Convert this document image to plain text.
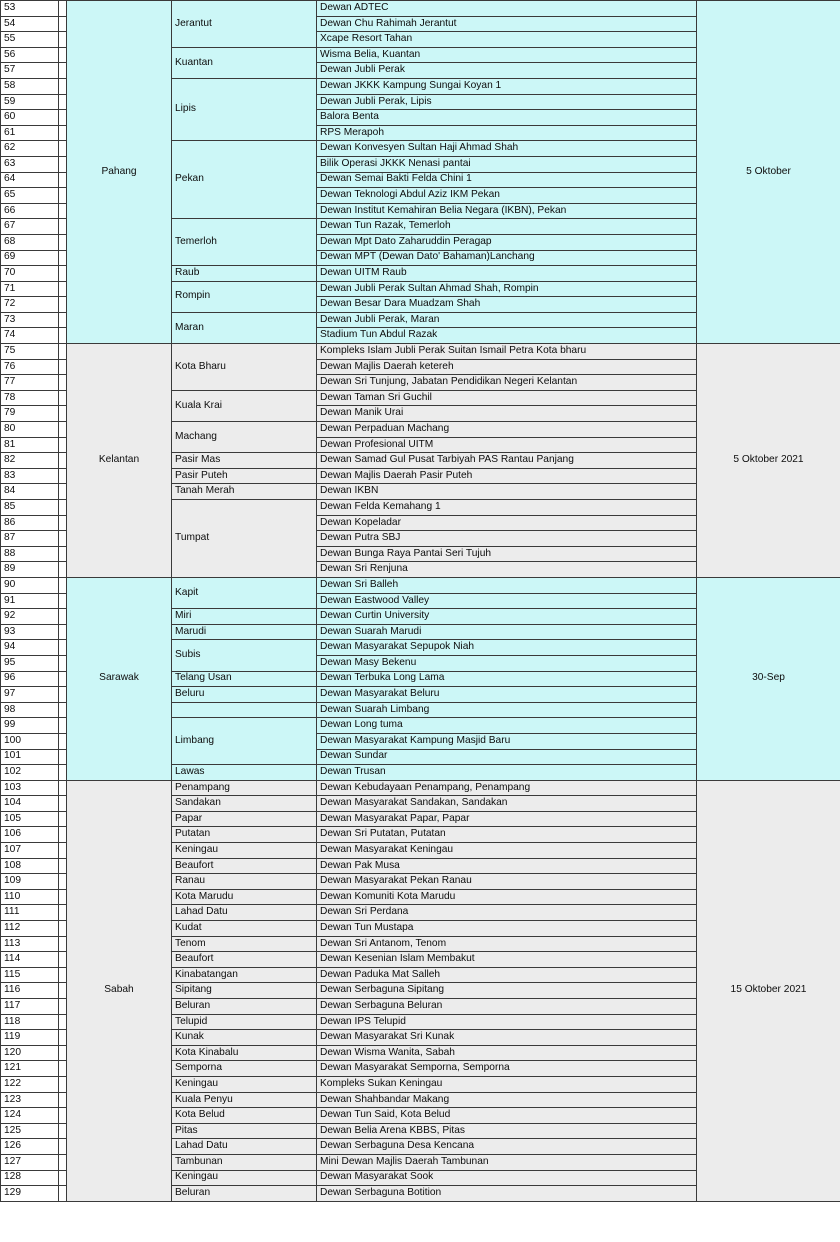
53		Pahang	Jerantut	Dewan ADTEC	5 Oktober
54				Dewan Chu Rahimah Jerantut	
55				Xcape Resort Tahan	
56			Kuantan	Wisma Belia, Kuantan	
57				Dewan Jubli Perak	
58			Lipis	Dewan JKKK Kampung Sungai Koyan 1	
59				Dewan Jubli Perak, Lipis	
60				Balora Benta	
61				RPS Merapoh	
62			Pekan	Dewan Konvesyen Sultan Haji Ahmad Shah	
63				Bilik Operasi JKKK Nenasi pantai	
64				Dewan Semai Bakti Felda Chini 1	
65				Dewan Teknologi Abdul Aziz IKM Pekan	
66				Dewan Institut Kemahiran Belia Negara (IKBN), Pekan	
67			Temerloh	Dewan Tun Razak, Temerloh	
68				Dewan Mpt Dato Zaharuddin Peragap	
69				Dewan MPT (Dewan Dato' Bahaman)Lanchang	
70			Raub	Dewan UITM Raub	
71			Rompin	Dewan Jubli Perak Sultan Ahmad Shah, Rompin	
72				Dewan Besar Dara Muadzam Shah	
73			Maran	Dewan Jubli Perak, Maran	
74				Stadium Tun Abdul Razak	
75		Kelantan	Kota Bharu	Kompleks Islam Jubli Perak Suitan Ismail Petra Kota bharu	5 Oktober 2021
76				Dewan Majlis Daerah ketereh	
77				Dewan Sri Tunjung, Jabatan Pendidikan Negeri Kelantan	
78			Kuala Krai	Dewan Taman Sri Guchil	
79				Dewan Manik Urai	
80			Machang	Dewan Perpaduan Machang	
81				Dewan Profesional UITM	
82			Pasir Mas	Dewan Samad Gul Pusat Tarbiyah PAS Rantau Panjang	
83			Pasir Puteh	Dewan Majlis Daerah Pasir Puteh	
84			Tanah Merah	Dewan IKBN	
85			Tumpat	Dewan Felda Kemahang 1	
86				Dewan Kopeladar	
87				Dewan Putra SBJ	
88				Dewan Bunga Raya Pantai Seri Tujuh	
89				Dewan Sri Renjuna	
90		Sarawak	Kapit	Dewan Sri Balleh	30-Sep
91				Dewan Eastwood Valley	
92			Miri	Dewan Curtin University	
93			Marudi	Dewan Suarah Marudi	
94			Subis	Dewan Masyarakat Sepupok Niah	
95				Dewan Masy Bekenu	
96			Telang Usan	Dewan Terbuka Long Lama	
97			Beluru	Dewan Masyarakat Beluru	
98				Dewan Suarah Limbang	
99			Limbang	Dewan Long tuma	
100				Dewan Masyarakat Kampung Masjid Baru	
101				Dewan Sundar	
102			Lawas	Dewan Trusan	
103		Sabah	Penampang	Dewan Kebudayaan Penampang, Penampang	15 Oktober 2021
104			Sandakan	Dewan Masyarakat Sandakan, Sandakan	
105			Papar	Dewan Masyarakat Papar, Papar	
106			Putatan	Dewan Sri Putatan, Putatan	
107			Keningau	Dewan Masyarakat Keningau	
108			Beaufort	Dewan Pak Musa	
109			Ranau	Dewan Masyarakat Pekan Ranau	
110			Kota Marudu	Dewan Komuniti Kota Marudu	
111			Lahad Datu	Dewan Sri Perdana	
112			Kudat	Dewan Tun Mustapa	
113			Tenom	Dewan Sri Antanom, Tenom	
114			Beaufort	Dewan Kesenian Islam Membakut	
115			Kinabatangan	Dewan Paduka Mat Salleh	
116			Sipitang	Dewan Serbaguna Sipitang	
117			Beluran	Dewan Serbaguna Beluran	
118			Telupid	Dewan IPS Telupid	
119			Kunak	Dewan Masyarakat Sri Kunak	
120			Kota Kinabalu	Dewan Wisma Wanita, Sabah	
121			Semporna	Dewan Masyarakat Semporna, Semporna	
122			Keningau	Kompleks Sukan Keningau	
123			Kuala Penyu	Dewan Shahbandar Makang	
124			Kota Belud	Dewan Tun Said, Kota Belud	
125			Pitas	Dewan Belia Arena KBBS, Pitas	
126			Lahad Datu	Dewan Serbaguna Desa Kencana	
127			Tambunan	Mini Dewan Majlis Daerah Tambunan	
128			Keningau	Dewan Masyarakat Sook	
129			Beluran	Dewan Serbaguna Botition	
